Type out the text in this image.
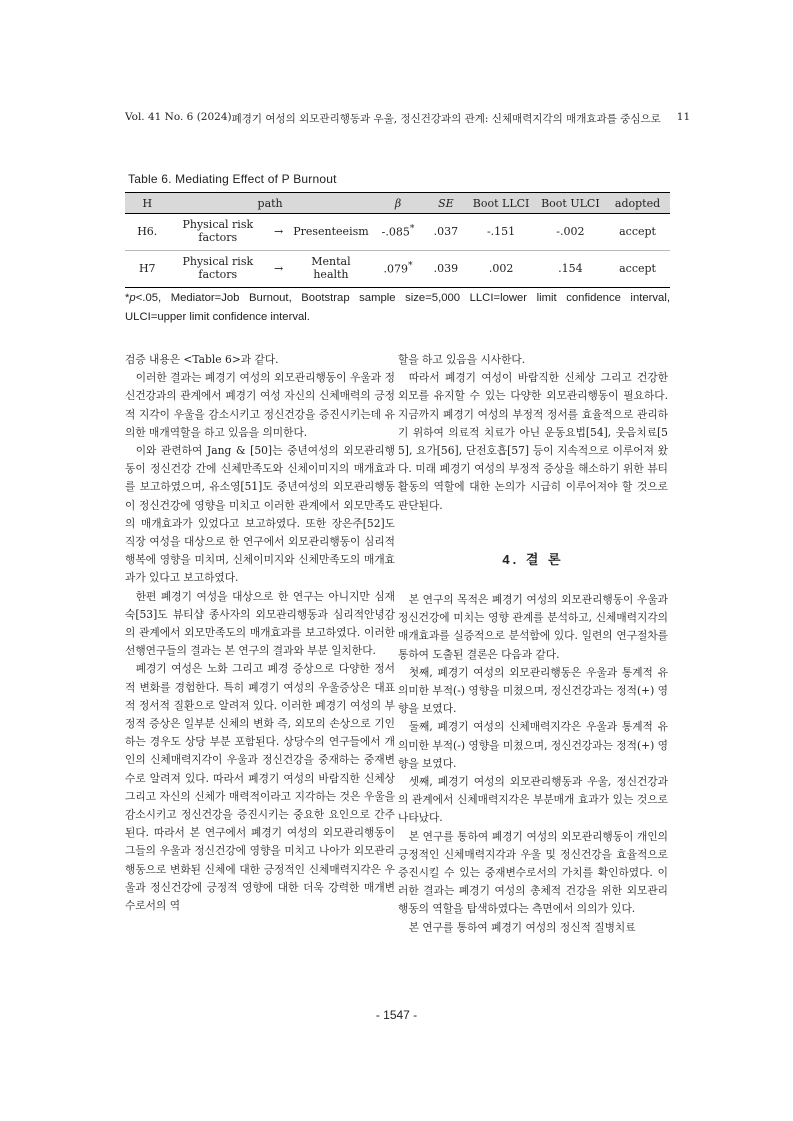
Vol. 41 No. 6 (2024) 폐경기 여성의 외모관리행동과 우울, 정신건강과의 관계: 신체매력지각의 매개효과를 중심으로	11
Table 6. Mediating Effect of P Burnout
H	path			β	SE	Boot LLCI	Boot ULCI	adopted
H6.	Physical risk factors	→	Presenteeism	-.085*	.037	-.151	-.002	accept
H7	Physical risk factors	→	Mental health	.079*	.039	.002	.154	accept
*p<.05, Mediator=Job Burnout, Bootstrap sample size=5,000 LLCI=lower limit confidence interval, ULCI=upper limit confidence interval.

검증 내용은 <Table 6>과 같다.

이러한 결과는 폐경기 여성의 외모관리행동이 우울과 정신건강과의 관계에서 폐경기 여성 자신의 신체매력의 긍정적 지각이 우울을 감소시키고 정신건강을 증진시키는데 유의한 매개역할을 하고 있음을 의미한다.

이와 관련하여 Jang & [50]는 중년여성의 외모관리행동이 정신건강 간에 신체만족도와 신체이미지의 매개효과를 보고하였으며, 유소영[51]도 중년여성의 외모관리행동이 정신건강에 영향을 미치고 이러한 관계에서 외모만족도의 매개효과가 있었다고 보고하였다. 또한 장은주[52]도 직장 여성을 대상으로 한 연구에서 외모관리행동이 심리적 행복에 영향을 미치며, 신체이미지와 신체만족도의 매개효과가 있다고 보고하였다.

한편 폐경기 여성을 대상으로 한 연구는 아니지만 심재숙[53]도 뷰티샵 종사자의 외모관리행동과 심리적안녕감의 관계에서 외모만족도의 매개효과를 보고하였다. 이러한 선행연구들의 결과는 본 연구의 결과와 부분 일치한다.

폐경기 여성은 노화 그리고 폐경 증상으로 다양한 정서적 변화를 경험한다. 특히 폐경기 여성의 우울증상은 대표적 정서적 질환으로 알려져 있다. 이러한 폐경기 여성의 부정적 증상은 일부분 신체의 변화 즉, 외모의 손상으로 기인하는 경우도 상당 부분 포함된다. 상당수의 연구들에서 개인의 신체매력지각이 우울과 정신건강을 중재하는 중재변수로 알려져 있다. 따라서 폐경기 여성의 바람직한 신체상 그리고 자신의 신체가 매력적이라고 지각하는 것은 우울을 감소시키고 정신건강을 증진시키는 중요한 요인으로 간주된다. 따라서 본 연구에서 폐경기 여성의 외모관리행동이 그들의 우울과 정신건강에 영향을 미치고 나아가 외모관리행동으로 변화된 신체에 대한 긍정적인 신체매력지각은 우울과 정신건강에 긍정적 영향에 대한 더욱 강력한 매개변수로서의 역

할을 하고 있음을 시사한다.

따라서 폐경기 여성이 바람직한 신체상 그리고 건강한 외모를 유지할 수 있는 다양한 외모관리행동이 필요하다. 지금까지 폐경기 여성의 부정적 정서를 효율적으로 관리하기 위하여 의료적 치료가 아닌 운동요법[54], 웃음치료[55], 요가[56], 단전호흡[57] 등이 지속적으로 이루어져 왔다. 미래 폐경기 여성의 부정적 증상을 해소하기 위한 뷰티 활동의 역할에 대한 논의가 시급히 이루어져야 할 것으로 판단된다.

4. 결 론

본 연구의 목적은 폐경기 여성의 외모관리행동이 우울과 정신건강에 미치는 영향 관계를 분석하고, 신체매력지각의 매개효과를 실증적으로 분석함에 있다. 일련의 연구절차를 통하여 도출된 결론은 다음과 같다.

첫째, 폐경기 여성의 외모관리행동은 우울과 통계적 유의미한 부적(-) 영향을 미쳤으며, 정신건강과는 정적(+) 영향을 보였다.

둘째, 폐경기 여성의 신체매력지각은 우울과 통계적 유의미한 부적(-) 영향을 미쳤으며, 정신건강과는 정적(+) 영향을 보였다.

셋째, 폐경기 여성의 외모관리행동과 우울, 정신건강과의 관계에서 신체매력지각은 부분매개 효과가 있는 것으로 나타났다.

본 연구를 통하여 폐경기 여성의 외모관리행동이 개인의 긍정적인 신체매력지각과 우울 및 정신건강을 효율적으로 증진시킬 수 있는 중재변수로서의 가치를 확인하였다. 이러한 결과는 폐경기 여성의 총체적 건강을 위한 외모관리행동의 역할을 탐색하였다는 측면에서 의의가 있다.

본 연구를 통하여 폐경기 여성의 정신적 질병치료

- 1547 -
